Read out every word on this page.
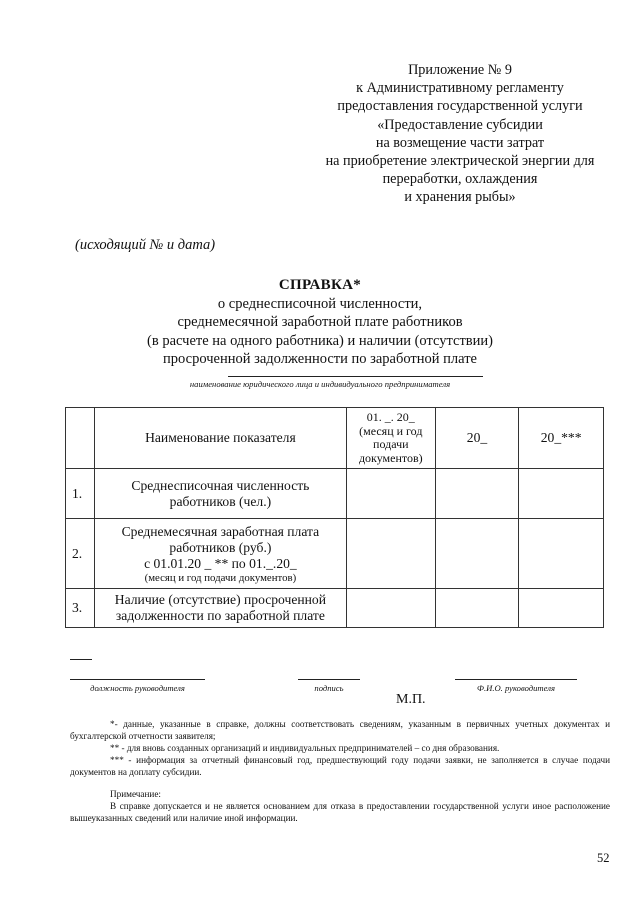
Приложение № 9
к Административному регламенту
предоставления государственной услуги
«Предоставление субсидии
на возмещение части затрат
на приобретение электрической энергии для
переработки, охлаждения
и хранения рыбы»
(исходящий № и дата)
СПРАВКА*
о среднесписочной численности,
среднемесячной заработной плате работников
(в расчете на одного работника) и наличии (отсутствии)
просроченной задолженности по заработной плате
наименование юридического лица и индивидуального предпринимателя
	Наименование показателя	01. _. 20_
(месяц и год
подачи
документов)	20_	20_***
1.	Среднесписочная численность
работников (чел.)			

2.	Среднемесячная заработная плата
работников (руб.)
с 01.01.20 _ ** по 01._.20_
(месяц и год подачи документов)			

3.	Наличие (отсутствие) просроченной
задолженности по заработной плате			

должность руководителя	подпись	Ф.И.О. руководителя
М.П.

*- данные, указанные в справке, должны соответствовать сведениям, указанным в первичных учетных документах и бухгалтерской отчетности заявителя;

** - для вновь созданных организаций и индивидуальных предпринимателей – со дня образования.

*** - информация за отчетный финансовый год, предшествующий году подачи заявки, не заполняется в случае подачи документов на доплату субсидии.

Примечание:

В справке допускается и не является основанием для отказа в предоставлении государственной услуги иное расположение вышеуказанных сведений или наличие иной информации.

52
